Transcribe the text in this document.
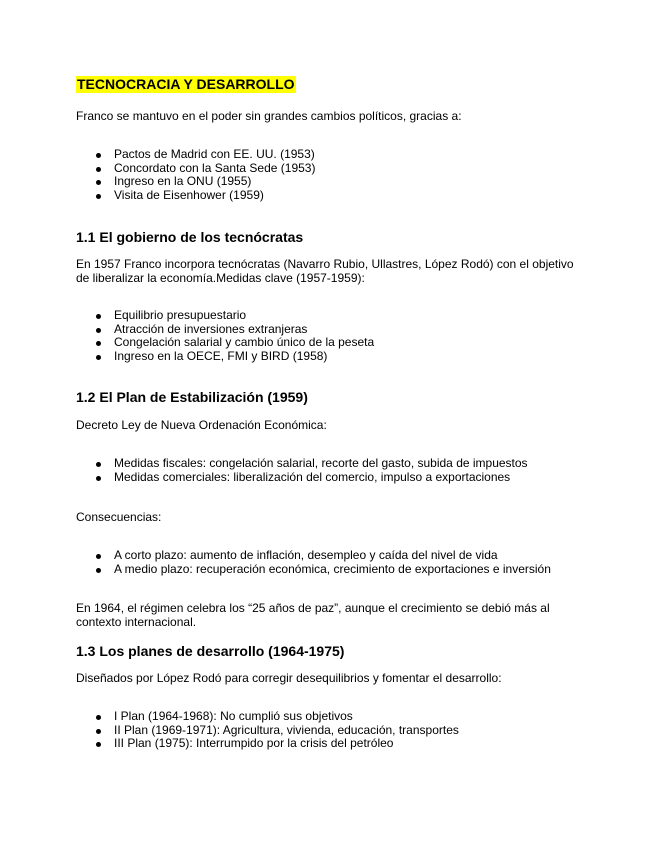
TECNOCRACIA Y DESARROLLO
Franco se mantuvo en el poder sin grandes cambios políticos, gracias a:
Pactos de Madrid con EE. UU. (1953)
Concordato con la Santa Sede (1953)
Ingreso en la ONU (1955)
Visita de Eisenhower (1959)
1.1 El gobierno de los tecnócratas
En 1957 Franco incorpora tecnócratas (Navarro Rubio, Ullastres, López Rodó) con el objetivo de liberalizar la economía.Medidas clave (1957-1959):
Equilibrio presupuestario
Atracción de inversiones extranjeras
Congelación salarial y cambio único de la peseta
Ingreso en la OECE, FMI y BIRD (1958)
1.2 El Plan de Estabilización (1959)
Decreto Ley de Nueva Ordenación Económica:
Medidas fiscales: congelación salarial, recorte del gasto, subida de impuestos
Medidas comerciales: liberalización del comercio, impulso a exportaciones
Consecuencias:
A corto plazo: aumento de inflación, desempleo y caída del nivel de vida
A medio plazo: recuperación económica, crecimiento de exportaciones e inversión
En 1964, el régimen celebra los “25 años de paz”, aunque el crecimiento se debió más al contexto internacional.
1.3 Los planes de desarrollo (1964-1975)
Diseñados por López Rodó para corregir desequilibrios y fomentar el desarrollo:
I Plan (1964-1968): No cumplió sus objetivos
II Plan (1969-1971): Agricultura, vivienda, educación, transportes
III Plan (1975): Interrumpido por la crisis del petróleo
